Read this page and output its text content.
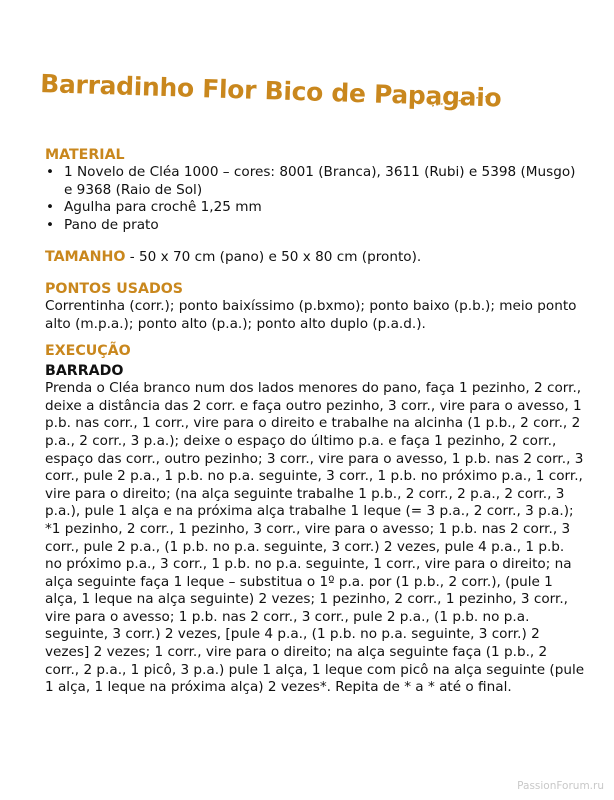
Barradinho Flor Bico de Papagaio
MATERIAL
• 1 Novelo de Cléa 1000 – cores: 8001 (Branca), 3611 (Rubi) e 5398 (Musgo) e 9368 (Raio de Sol)
• Agulha para crochê 1,25 mm
• Pano de prato

TAMANHO - 50 x 70 cm (pano) e 50 x 80 cm (pronto).

PONTOS USADOS

Correntinha (corr.); ponto baixíssimo (p.bxmo); ponto baixo (p.b.); meio ponto alto (m.p.a.); ponto alto (p.a.); ponto alto duplo (p.a.d.).

EXECUÇÃO
BARRADO

Prenda o Cléa branco num dos lados menores do pano, faça 1 pezinho, 2 corr., deixe a distância das 2 corr. e faça outro pezinho, 3 corr., vire para o avesso, 1 p.b. nas corr., 1 corr., vire para o direito e trabalhe na alcinha (1 p.b., 2 corr., 2 p.a., 2 corr., 3 p.a.); deixe o espaço do último p.a. e faça 1 pezinho, 2 corr., espaço das corr., outro pezinho; 3 corr., vire para o avesso, 1 p.b. nas 2 corr., 3 corr., pule 2 p.a., 1 p.b. no p.a. seguinte, 3 corr., 1 p.b. no próximo p.a., 1 corr., vire para o direito; (na alça seguinte trabalhe 1 p.b., 2 corr., 2 p.a., 2 corr., 3 p.a.), pule 1 alça e na próxima alça trabalhe 1 leque (= 3 p.a., 2 corr., 3 p.a.); *1 pezinho, 2 corr., 1 pezinho, 3 corr., vire para o avesso; 1 p.b. nas 2 corr., 3 corr., pule 2 p.a., (1 p.b. no p.a. seguinte, 3 corr.) 2 vezes, pule 4 p.a., 1 p.b. no próximo p.a., 3 corr., 1 p.b. no p.a. seguinte, 1 corr., vire para o direito; na alça seguinte faça 1 leque – substitua o 1º p.a. por (1 p.b., 2 corr.), (pule 1 alça, 1 leque na alça seguinte) 2 vezes; 1 pezinho, 2 corr., 1 pezinho, 3 corr., vire para o avesso; 1 p.b. nas 2 corr., 3 corr., pule 2 p.a., (1 p.b. no p.a. seguinte, 3 corr.) 2 vezes, [pule 4 p.a., (1 p.b. no p.a. seguinte, 3 corr.) 2 vezes] 2 vezes; 1 corr., vire para o direito; na alça seguinte faça (1 p.b., 2 corr., 2 p.a., 1 picô, 3 p.a.) pule 1 alça, 1 leque com picô na alça seguinte (pule 1 alça, 1 leque na próxima alça) 2 vezes*. Repita de * a * até o final.

PassionForum.ru
